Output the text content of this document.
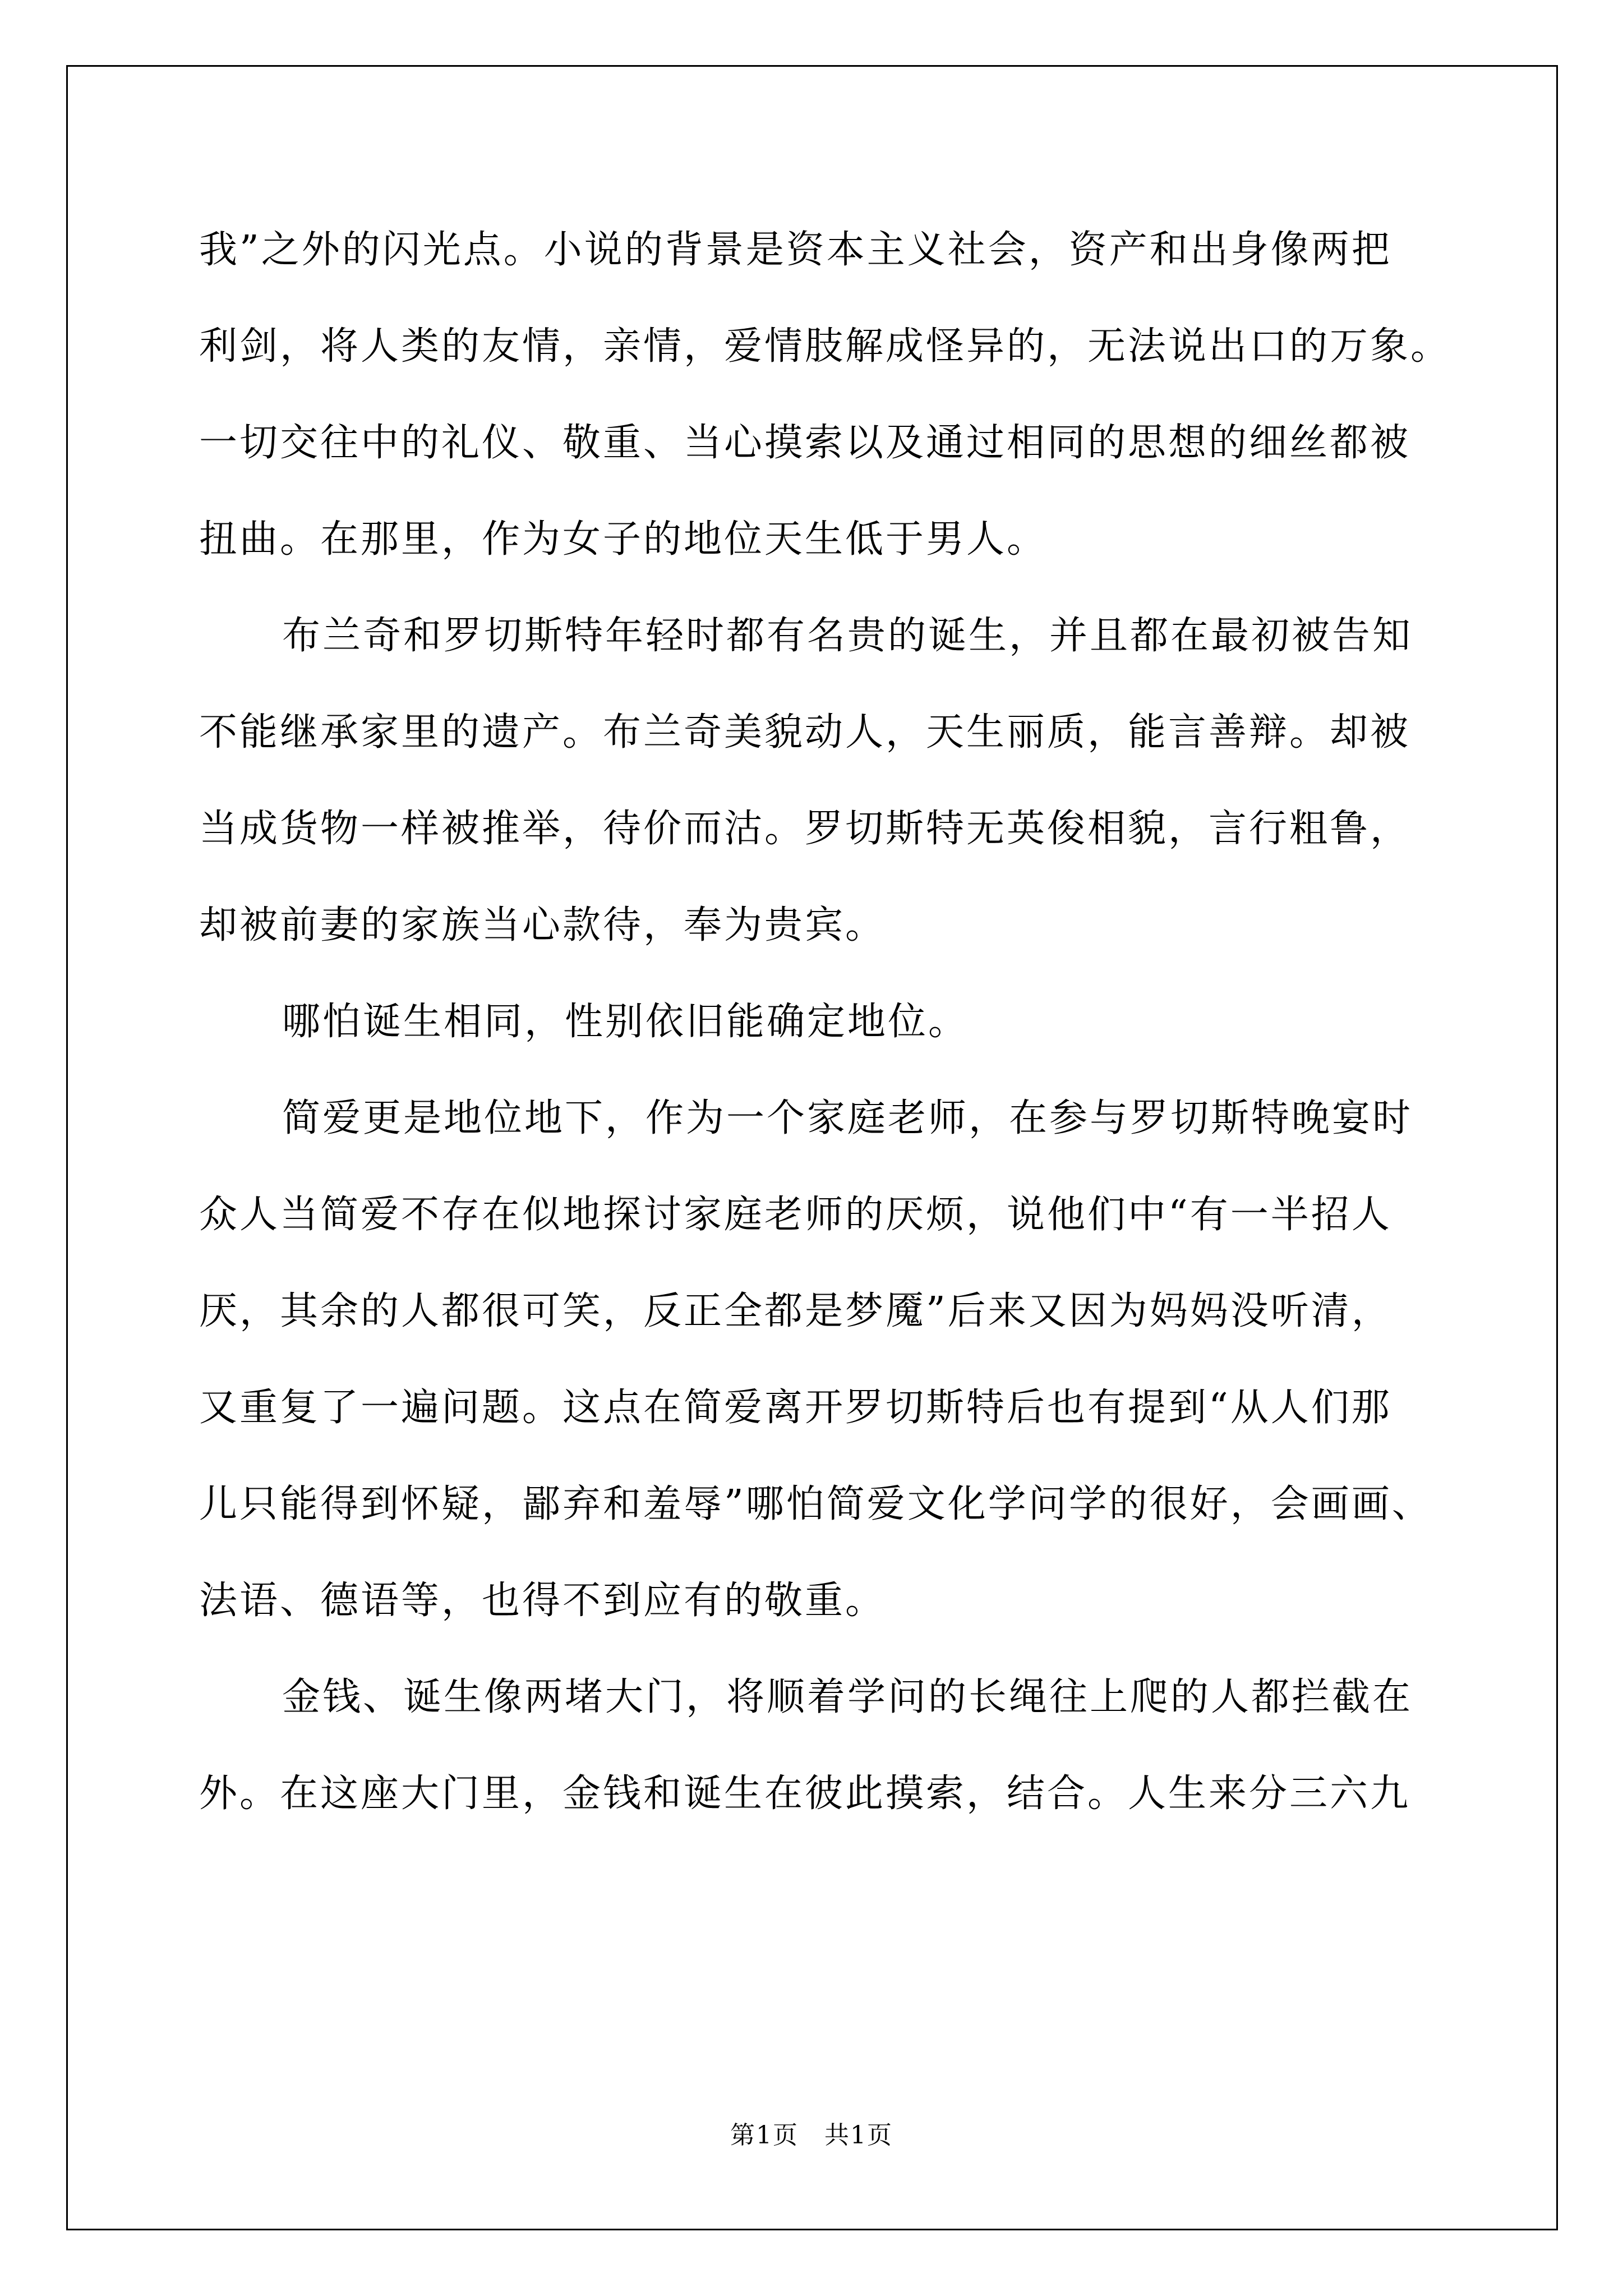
我”之外的闪光点。小说的背景是资本主义社会，资产和出身像两把
利剑，将人类的友情，亲情，爱情肢解成怪异的，无法说出口的万象。
一切交往中的礼仪、敬重、当心摸索以及通过相同的思想的细丝都被
扭曲。在那里，作为女子的地位天生低于男人。
布兰奇和罗切斯特年轻时都有名贵的诞生，并且都在最初被告知
不能继承家里的遗产。布兰奇美貌动人，天生丽质，能言善辩。却被
当成货物一样被推举，待价而沽。罗切斯特无英俊相貌，言行粗鲁，
却被前妻的家族当心款待，奉为贵宾。
哪怕诞生相同，性别依旧能确定地位。
简爱更是地位地下，作为一个家庭老师，在参与罗切斯特晚宴时
众人当简爱不存在似地探讨家庭老师的厌烦，说他们中“有一半招人
厌，其余的人都很可笑，反正全都是梦魇”后来又因为妈妈没听清，
又重复了一遍问题。这点在简爱离开罗切斯特后也有提到“从人们那
儿只能得到怀疑，鄙弃和羞辱”哪怕简爱文化学问学的很好，会画画、
法语、德语等，也得不到应有的敬重。
金钱、诞生像两堵大门，将顺着学问的长绳往上爬的人都拦截在
外。在这座大门里，金钱和诞生在彼此摸索，结合。人生来分三六九
第1页 共1页
